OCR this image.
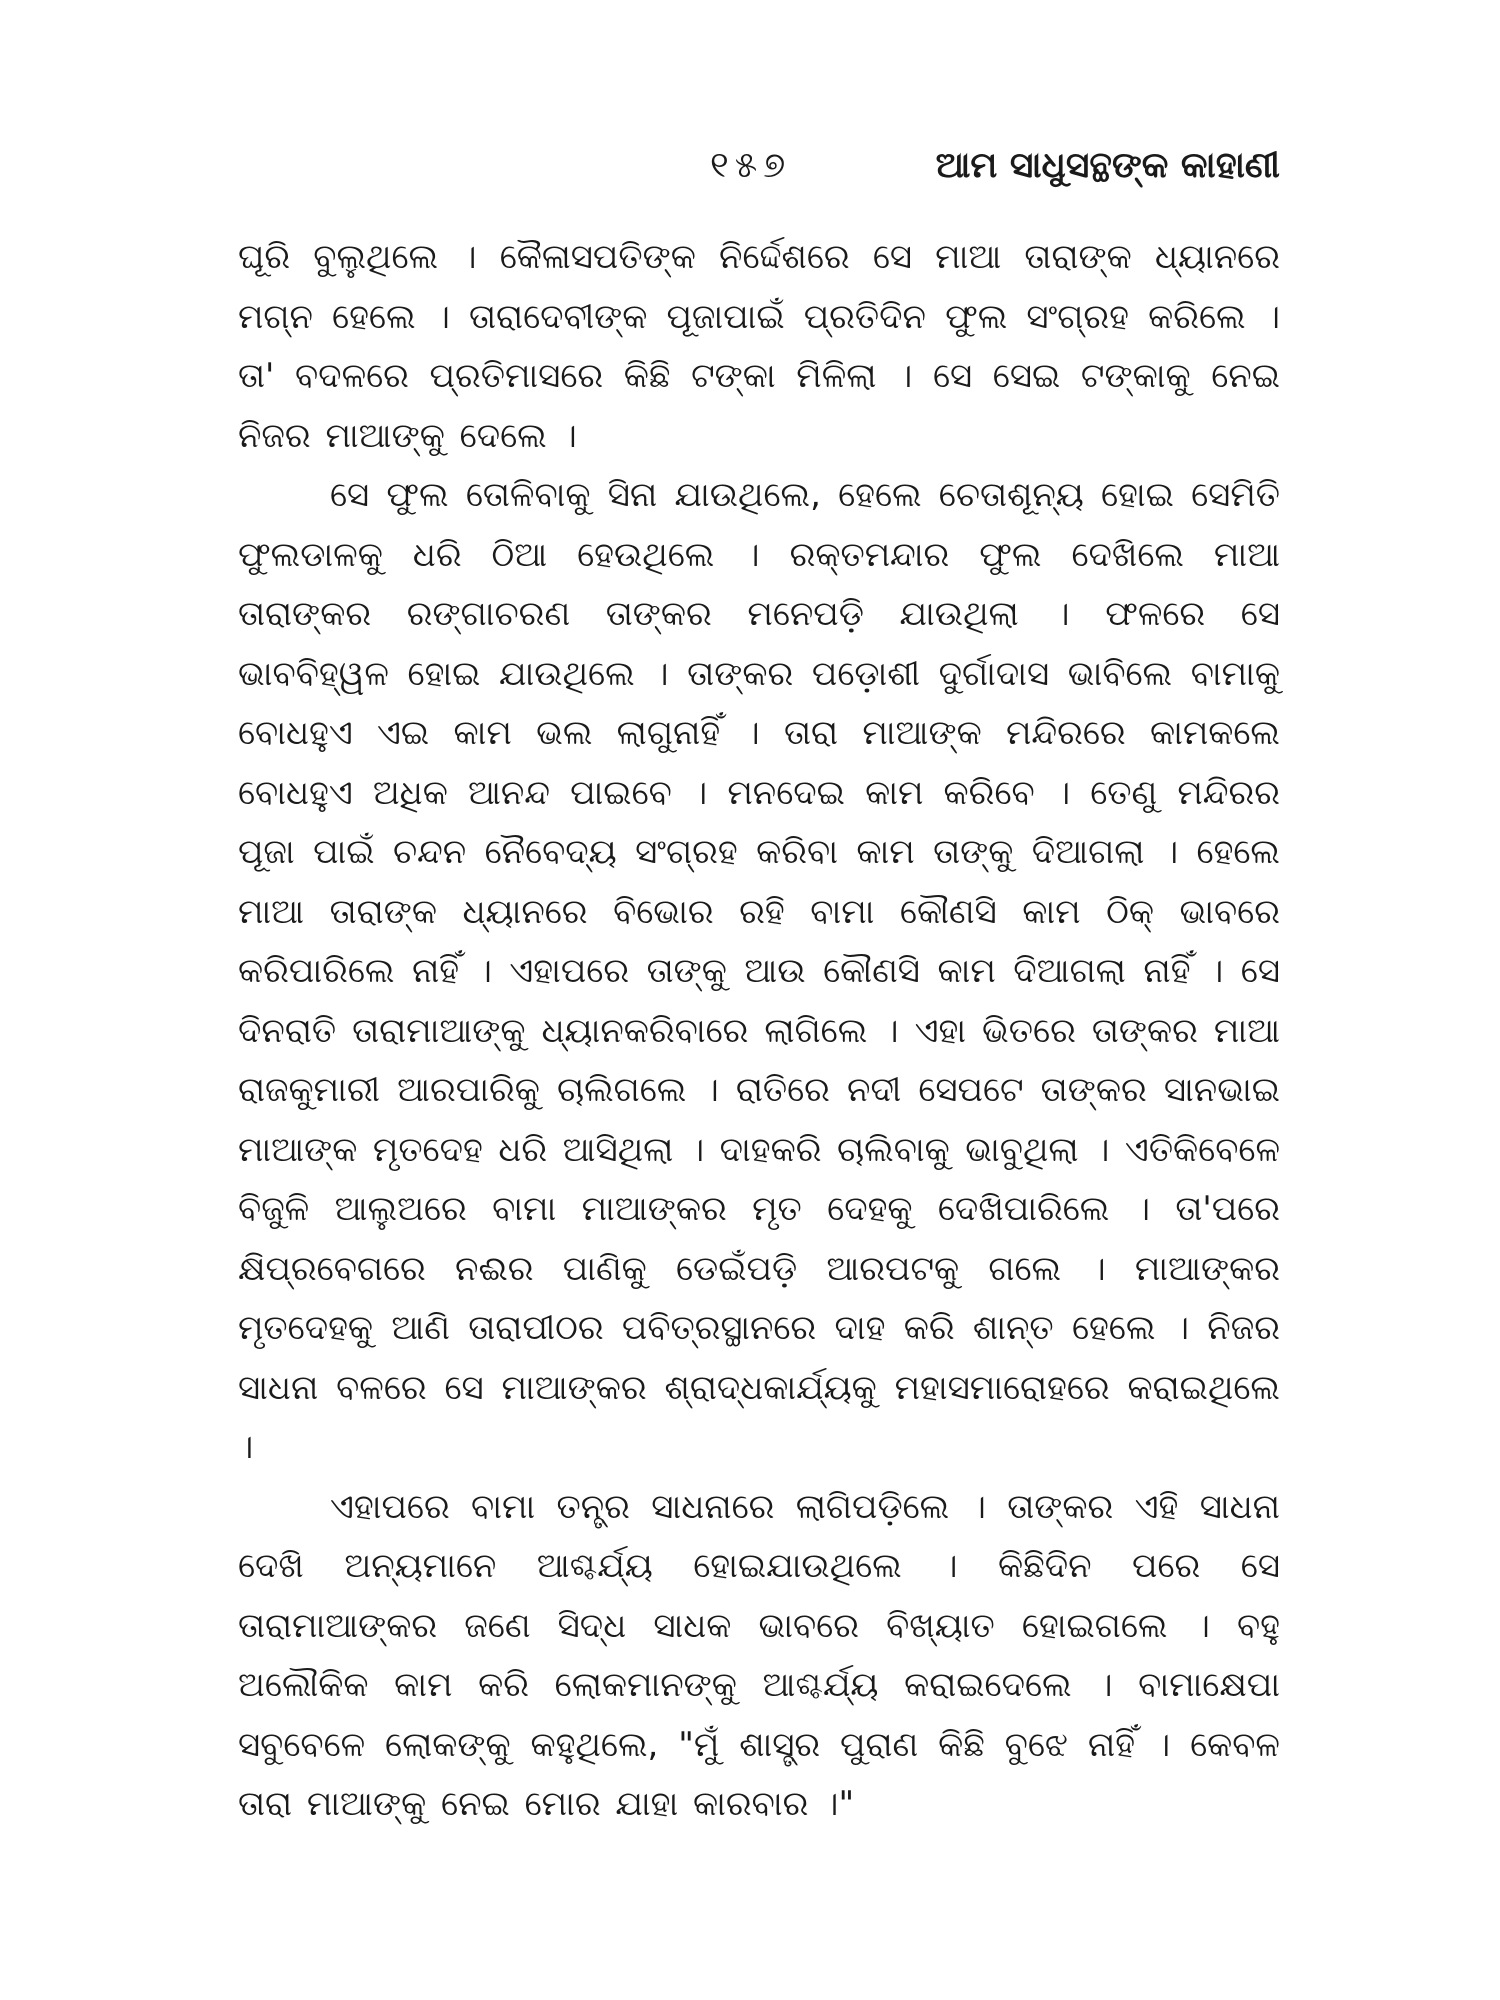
୧୫୭	ଆମ ସାଧୁସନ୍ଥଙ୍କ କାହାଣୀ

ଘୂରି ବୁଲୁଥିଲେ । କୈଳାସପତିଙ୍କ ନିର୍ଦ୍ଦେଶରେ ସେ ମାଆ ତାରାଙ୍କ ଧ୍ୟାନରେ ମଗ୍ନ ହେଲେ । ତାରାଦେବୀଙ୍କ ପୂଜାପାଇଁ ପ୍ରତିଦିନ ଫୁଲ ସଂଗ୍ରହ କରିଲେ । ତା' ବଦଳରେ ପ୍ରତିମାସରେ କିଛି ଟଙ୍କା ମିଳିଲା । ସେ ସେଇ ଟଙ୍କାକୁ ନେଇ ନିଜର ମାଆଙ୍କୁ ଦେଲେ ।

ସେ ଫୁଲ ତୋଳିବାକୁ ସିନା ଯାଉଥିଲେ, ହେଲେ ଚେତାଶୂନ୍ୟ ହୋଇ ସେମିତି ଫୁଲଡାଳକୁ ଧରି ଠିଆ ହେଉଥିଲେ । ରକ୍ତମନ୍ଦାର ଫୁଲ ଦେଖିଲେ ମାଆ ତାରାଙ୍କର ରଙ୍ଗାଚରଣ ତାଙ୍କର ମନେପଡ଼ି ଯାଉଥିଲା । ଫଳରେ ସେ ଭାବବିହ୍ୱଳ ହୋଇ ଯାଉଥିଲେ । ତାଙ୍କର ପଡ଼ୋଶୀ ଦୁର୍ଗାଦାସ ଭାବିଲେ ବାମାକୁ ବୋଧହୁଏ ଏଇ କାମ ଭଲ ଲାଗୁନାହିଁ । ତାରା ମାଆଙ୍କ ମନ୍ଦିରରେ କାମକଲେ ବୋଧହୁଏ ଅଧିକ ଆନନ୍ଦ ପାଇବେ । ମନଦେଇ କାମ କରିବେ । ତେଣୁ ମନ୍ଦିରର ପୂଜା ପାଇଁ ଚନ୍ଦନ ନୈବେଦ୍ୟ ସଂଗ୍ରହ କରିବା କାମ ତାଙ୍କୁ ଦିଆଗଲା । ହେଲେ ମାଆ ତାରାଙ୍କ ଧ୍ୟାନରେ ବିଭୋର ରହି ବାମା କୌଣସି କାମ ଠିକ୍ ଭାବରେ କରିପାରିଲେ ନାହିଁ । ଏହାପରେ ତାଙ୍କୁ ଆଉ କୌଣସି କାମ ଦିଆଗଲା ନାହିଁ । ସେ ଦିନରାତି ତାରାମାଆଙ୍କୁ ଧ୍ୟାନକରିବାରେ ଲାଗିଲେ । ଏହା ଭିତରେ ତାଙ୍କର ମାଆ ରାଜକୁମାରୀ ଆରପାରିକୁ ଚାଲିଗଲେ । ରାତିରେ ନଦୀ ସେପଟେ ତାଙ୍କର ସାନଭାଇ ମାଆଙ୍କ ମୃତଦେହ ଧରି ଆସିଥିଲା । ଦାହକରି ଚାଲିବାକୁ ଭାବୁଥିଲା । ଏତିକିବେଳେ ବିଜୁଳି ଆଲୁଅରେ ବାମା ମାଆଙ୍କର ମୃତ ଦେହକୁ ଦେଖିପାରିଲେ । ତା'ପରେ କ୍ଷିପ୍ରବେଗରେ ନଈର ପାଣିକୁ ଡେଇଁପଡ଼ି ଆରପଟକୁ ଗଲେ । ମାଆଙ୍କର ମୃତଦେହକୁ ଆଣି ତାରାପୀଠର ପବିତ୍ରସ୍ଥାନରେ ଦାହ କରି ଶାନ୍ତ ହେଲେ । ନିଜର ସାଧନା ବଳରେ ସେ ମାଆଙ୍କର ଶ୍ରାଦ୍ଧକାର୍ଯ୍ୟକୁ ମହାସମାରୋହରେ କରାଇଥିଲେ ।

ଏହାପରେ ବାମା ତନ୍ତ୍ର ସାଧନାରେ ଲାଗିପଡ଼ିଲେ । ତାଙ୍କର ଏହି ସାଧନା ଦେଖି ଅନ୍ୟମାନେ ଆଶ୍ଚର୍ଯ୍ୟ ହୋଇଯାଉଥିଲେ । କିଛିଦିନ ପରେ ସେ ତାରାମାଆଙ୍କର ଜଣେ ସିଦ୍ଧ ସାଧକ ଭାବରେ ବିଖ୍ୟାତ ହୋଇଗଲେ । ବହୁ ଅଲୌକିକ କାମ କରି ଲୋକମାନଙ୍କୁ ଆଶ୍ଚର୍ଯ୍ୟ କରାଇଦେଲେ । ବାମାକ୍ଷେପା ସବୁବେଳେ ଲୋକଙ୍କୁ କହୁଥିଲେ, "ମୁଁ ଶାସ୍ତ୍ର ପୁରାଣ କିଛି ବୁଝେ ନାହିଁ । କେବଳ ତାରା ମାଆଙ୍କୁ ନେଇ ମୋର ଯାହା କାରବାର ।"
